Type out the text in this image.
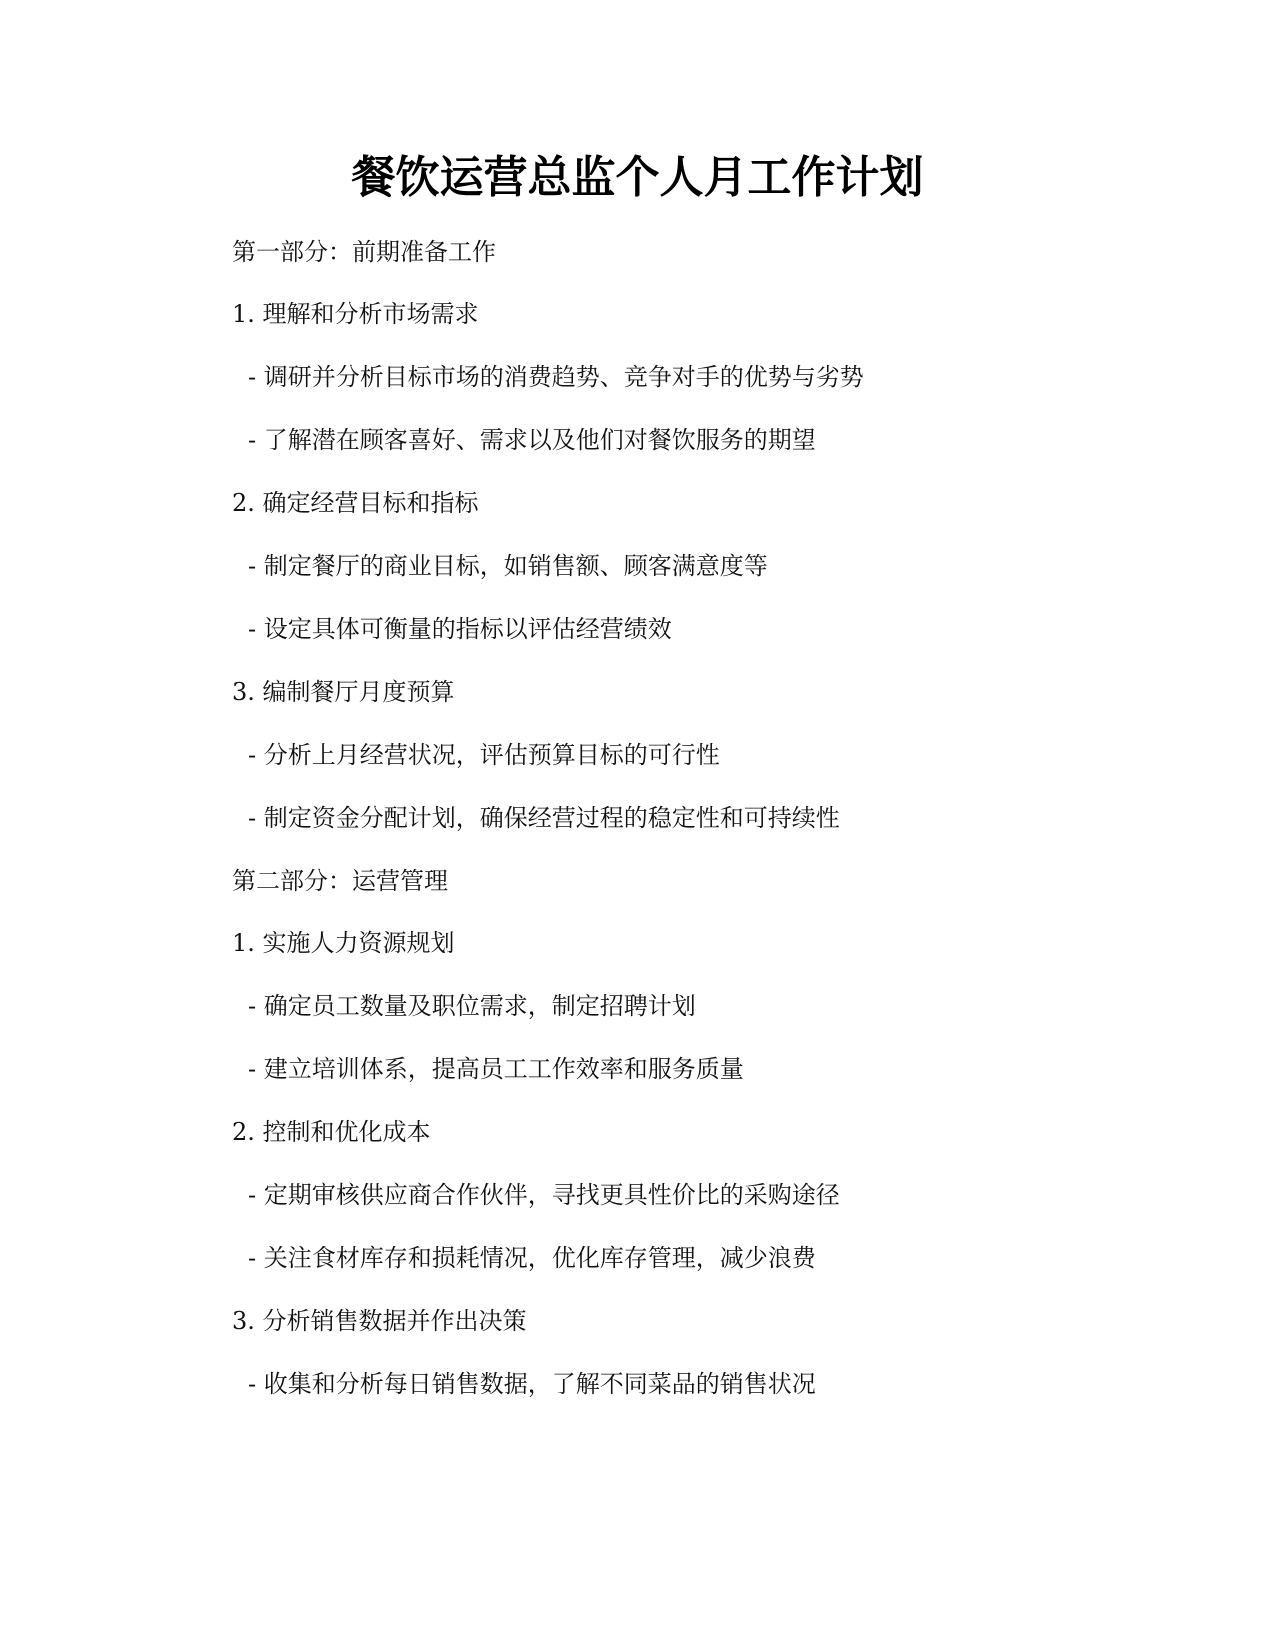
餐饮运营总监个人月工作计划

第一部分：前期准备工作

1. 理解和分析市场需求

- 调研并分析目标市场的消费趋势、竞争对手的优势与劣势

- 了解潜在顾客喜好、需求以及他们对餐饮服务的期望

2. 确定经营目标和指标

- 制定餐厅的商业目标，如销售额、顾客满意度等

- 设定具体可衡量的指标以评估经营绩效

3. 编制餐厅月度预算

- 分析上月经营状况，评估预算目标的可行性

- 制定资金分配计划，确保经营过程的稳定性和可持续性

第二部分：运营管理

1. 实施人力资源规划

- 确定员工数量及职位需求，制定招聘计划

- 建立培训体系，提高员工工作效率和服务质量

2. 控制和优化成本

- 定期审核供应商合作伙伴，寻找更具性价比的采购途径

- 关注食材库存和损耗情况，优化库存管理，减少浪费

3. 分析销售数据并作出决策

- 收集和分析每日销售数据，了解不同菜品的销售状况
